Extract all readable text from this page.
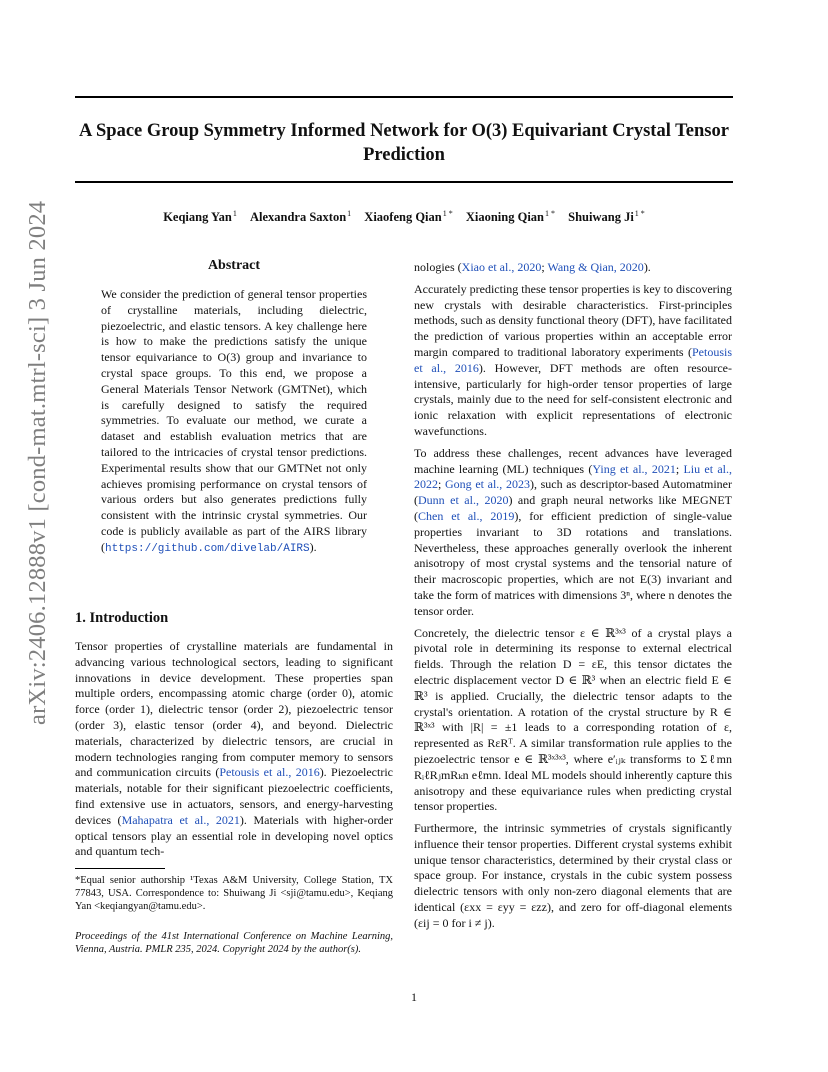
A Space Group Symmetry Informed Network for O(3) Equivariant Crystal Tensor Prediction
Keqiang Yan$^1$ Alexandra Saxton$^1$ Xiaofeng Qian$^{1 *}$ Xiaoning Qian$^{1 *}$ Shuiwang $Ji^{1 *}$
arXiv:2406.12888v1 [cond-mat.mtrl-sci] 3 Jun 2024	Abstract
We consider the prediction of general tensor properties of crystalline materials, including dielectric, piezoelectric, and elastic tensors. A key challenge here is how to make the predictions satisfy the unique tensor equivariance to O(3) group and invariance to crystal space groups. To this end, we propose a General Materials Tensor Network (GMTNet), which is carefully designed to satisfy the required symmetries. To evaluate our method, we curate a dataset and establish evaluation metrics that are tailored to the intricacies of crystal tensor predictions. Experimental results show that our GMTNet not only achieves promising performance on crystal tensors of various orders but also generates predictions fully consistent with the intrinsic crystal symmetries. Our code is publicly available as part of the AIRS library (https://github.com/divelab/AIRS).
1. Introduction

Tensor properties of crystalline materials are fundamental in advancing various technological sectors, leading to significant innovations in device development. These properties span multiple orders, encompassing atomic charge (order 0), atomic force (order 1), dielectric tensor (order 2), piezoelectric tensor (order 3), elastic tensor (order 4), and beyond. Dielectric materials, characterized by dielectric tensors, are crucial in modern technologies ranging from computer memory to sensors and communication circuits (Petousis et al., 2016). Piezoelectric materials, notable for their significant piezoelectric coefficients, find extensive use in actuators, sensors, and energy-harvesting devices (Mahapatra et al., 2021). Materials with higher-order optical tensors play an essential role in developing novel optics and quantum tech-

*Equal senior authorship ¹Texas A&M University, College Station, TX 77843, USA. Correspondence to: Shuiwang Ji <sji@tamu.edu>, Keqiang Yan <keqiangyan@tamu.edu>.
Proceedings of the 41st International Conference on Machine Learning, Vienna, Austria. PMLR 235, 2024. Copyright 2024 by the author(s).

nologies (Xiao et al., 2020; Wang & Qian, 2020).

Accurately predicting these tensor properties is key to discovering new crystals with desirable characteristics. First-principles methods, such as density functional theory (DFT), have facilitated the prediction of various properties within an acceptable error margin compared to traditional laboratory experiments (Petousis et al., 2016). However, DFT methods are often resource-intensive, particularly for high-order tensor properties of large crystals, mainly due to the need for self-consistent electronic and ionic relaxation with explicit representations of electronic wavefunctions.

To address these challenges, recent advances have leveraged machine learning (ML) techniques (Ying et al., 2021; Liu et al., 2022; Gong et al., 2023), such as descriptor-based Automatminer (Dunn et al., 2020) and graph neural networks like MEGNET (Chen et al., 2019), for efficient prediction of single-value properties invariant to 3D rotations and translations. Nevertheless, these approaches generally overlook the inherent anisotropy of most crystal systems and the tensorial nature of their macroscopic properties, which are not E(3) invariant and take the form of matrices with dimensions 3ⁿ, where n denotes the tensor order.

Concretely, the dielectric tensor ε ∈ ℝ³ˣ³ of a crystal plays a pivotal role in determining its response to external electrical fields. Through the relation D = εE, this tensor dictates the electric displacement vector D ∈ ℝ³ when an electric field E ∈ ℝ³ is applied. Crucially, the dielectric tensor adapts to the crystal's orientation. A rotation of the crystal structure by R ∈ ℝ³ˣ³ with |R| = ±1 leads to a corresponding rotation of ε, represented as RεRᵀ. A similar transformation rule applies to the piezoelectric tensor e ∈ ℝ³ˣ³ˣ³, where e′ᵢⱼₖ transforms to Σℓmn RᵢℓRⱼmRₖn eℓmn. Ideal ML models should inherently capture this anisotropy and these equivariance rules when predicting crystal tensor properties.

Furthermore, the intrinsic symmetries of crystals significantly influence their tensor properties. Different crystal systems exhibit unique tensor characteristics, determined by their crystal class or space group. For instance, crystals in the cubic system possess dielectric tensors with only non-zero diagonal elements that are identical (εxx = εyy = εzz), and zero for off-diagonal elements (εij = 0 for i ≠ j).

1
